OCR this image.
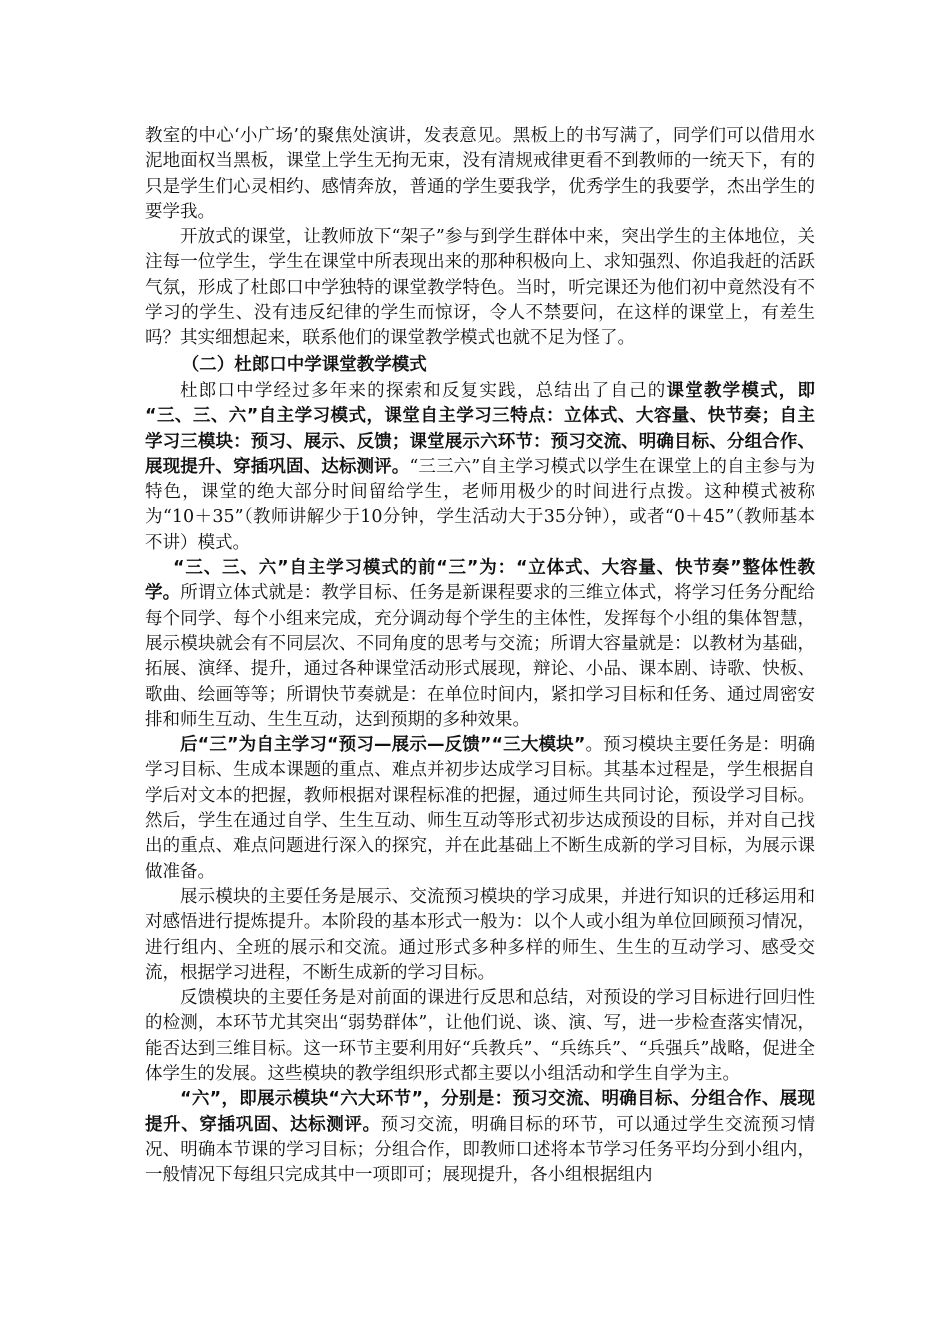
教室的中心‘小广场’的聚焦处演讲，发表意见。黑板上的书写满了，同学们可以借用水泥地面权当黑板，课堂上学生无拘无束，没有清规戒律更看不到教师的一统天下，有的只是学生们心灵相约、感情奔放，普通的学生要我学，优秀学生的我要学，杰出学生的要学我。

开放式的课堂，让教师放下“架子”参与到学生群体中来，突出学生的主体地位，关注每一位学生，学生在课堂中所表现出来的那种积极向上、求知强烈、你追我赶的活跃气氛，形成了杜郎口中学独特的课堂教学特色。当时，听完课还为他们初中竟然没有不学习的学生、没有违反纪律的学生而惊讶，令人不禁要问，在这样的课堂上，有差生吗？其实细想起来，联系他们的课堂教学模式也就不足为怪了。

（二）杜郎口中学课堂教学模式

杜郎口中学经过多年来的探索和反复实践，总结出了自己的课堂教学模式，即 “三、三、六”自主学习模式，课堂自主学习三特点：立体式、大容量、快节奏；自主学习三模块：预习、展示、反馈；课堂展示六环节：预习交流、明确目标、分组合作、展现提升、穿插巩固、达标测评。“三三六”自主学习模式以学生在课堂上的自主参与为特色，课堂的绝大部分时间留给学生，老师用极少的时间进行点拨。这种模式被称为“10＋35”（教师讲解少于10分钟，学生活动大于35分钟），或者“0＋45”（教师基本不讲）模式。

“三、三、六”自主学习模式的前“三”为：“立体式、大容量、快节奏”整体性教学。所谓立体式就是：教学目标、任务是新课程要求的三维立体式，将学习任务分配给每个同学、每个小组来完成，充分调动每个学生的主体性，发挥每个小组的集体智慧，展示模块就会有不同层次、不同角度的思考与交流；所谓大容量就是：以教材为基础，拓展、演绎、提升，通过各种课堂活动形式展现，辩论、小品、课本剧、诗歌、快板、歌曲、绘画等等；所谓快节奏就是：在单位时间内，紧扣学习目标和任务、通过周密安排和师生互动、生生互动，达到预期的多种效果。

后“三”为自主学习“预习—展示—反馈”“三大模块”。预习模块主要任务是：明确学习目标、生成本课题的重点、难点并初步达成学习目标。其基本过程是，学生根据自学后对文本的把握，教师根据对课程标准的把握，通过师生共同讨论，预设学习目标。然后，学生在通过自学、生生互动、师生互动等形式初步达成预设的目标，并对自己找出的重点、难点问题进行深入的探究，并在此基础上不断生成新的学习目标，为展示课做准备。

展示模块的主要任务是展示、交流预习模块的学习成果，并进行知识的迁移运用和对感悟进行提炼提升。本阶段的基本形式一般为：以个人或小组为单位回顾预习情况，进行组内、全班的展示和交流。通过形式多种多样的师生、生生的互动学习、感受交流，根据学习进程，不断生成新的学习目标。

反馈模块的主要任务是对前面的课进行反思和总结，对预设的学习目标进行回归性的检测，本环节尤其突出“弱势群体”，让他们说、谈、演、写，进一步检查落实情况，能否达到三维目标。这一环节主要利用好“兵教兵”、“兵练兵”、“兵强兵”战略，促进全体学生的发展。这些模块的教学组织形式都主要以小组活动和学生自学为主。

“六”，即展示模块“六大环节”，分别是：预习交流、明确目标、分组合作、展现提升、穿插巩固、达标测评。预习交流，明确目标的环节，可以通过学生交流预习情况、明确本节课的学习目标；分组合作，即教师口述将本节学习任务平均分到小组内，一般情况下每组只完成其中一项即可；展现提升，各小组根据组内
